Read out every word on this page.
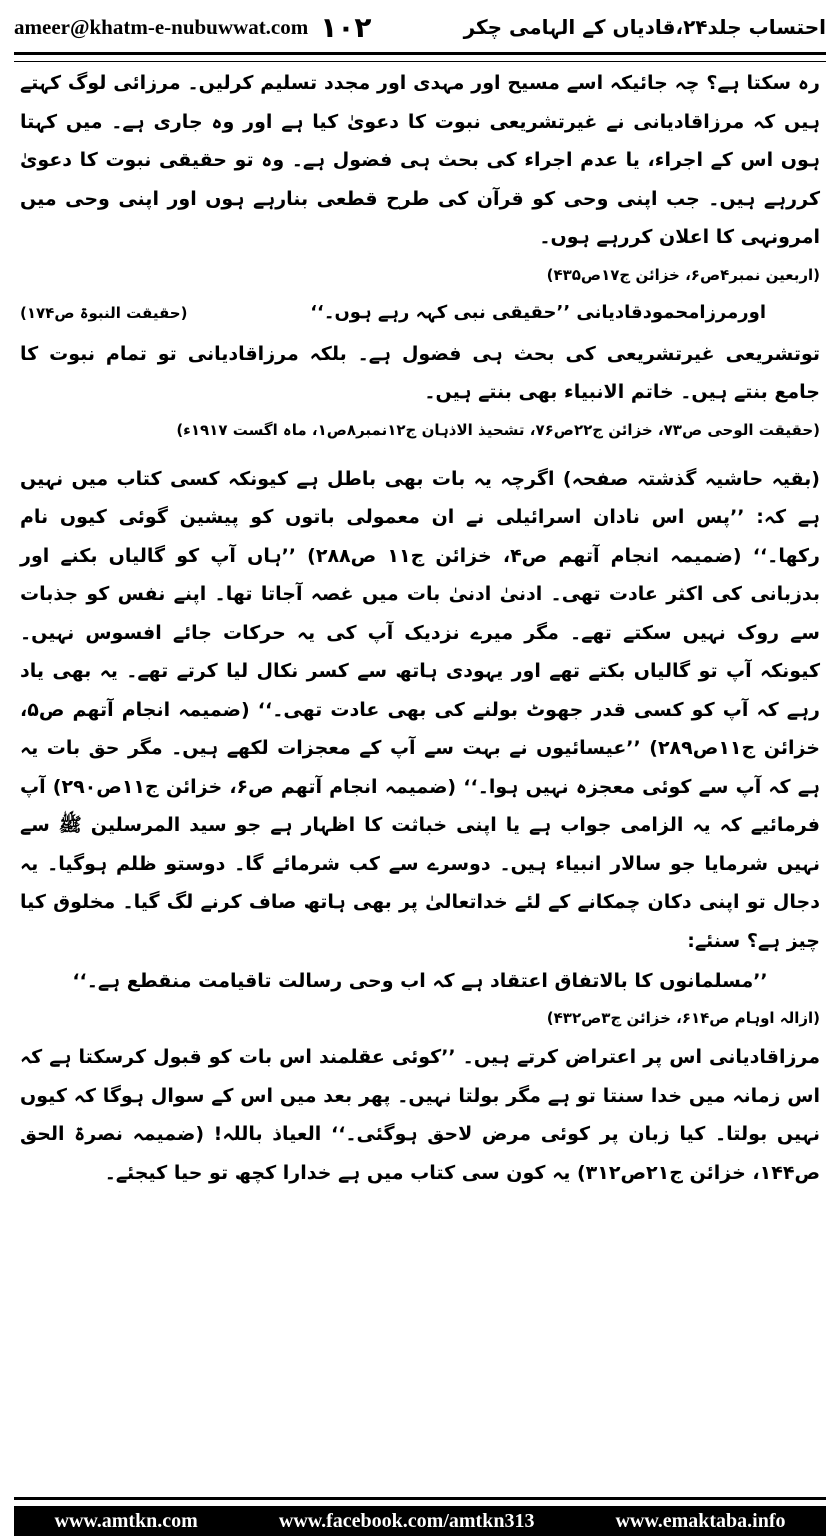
ameer@khatm-e-nubuwwat.com ۱۰۲	احتساب جلد۲۴،قادیاں کے الہامی چکر

رہ سکتا ہے؟ چہ جائیکہ اسے مسیح اور مہدی اور مجدد تسلیم کرلیں۔ مرزائی لوگ کہتے ہیں کہ مرزاقادیانی نے غیرتشریعی نبوت کا دعویٰ کیا ہے اور وہ جاری ہے۔ میں کہتا ہوں اس کے اجراء، یا عدم اجراء کی بحث ہی فضول ہے۔ وہ تو حقیقی نبوت کا دعویٰ کررہے ہیں۔ جب اپنی وحی کو قرآن کی طرح قطعی بنارہے ہوں اور اپنی وحی میں امرونہی کا اعلان کررہے ہوں۔

(اربعین نمبر۴ص۶، خزائن ج۱۷ص۴۳۵)
اورمرزامحمودقادیانی ’’حقیقی نبی کہہ رہے ہوں۔‘‘
(حقیقت النبوۃ ص۱۷۴)

توتشریعی غیرتشریعی کی بحث ہی فضول ہے۔ بلکہ مرزاقادیانی تو تمام نبوت کا جامع بنتے ہیں۔ خاتم الانبیاء بھی بنتے ہیں۔

(حقیقت الوحی ص۷۳، خزائن ج۲۲ص۷۶، تشحیذ الاذہان ج۱۲نمبر۸ص۱، ماہ اگست ۱۹۱۷ء)

(بقیہ حاشیہ گذشتہ صفحہ) اگرچہ یہ بات بھی باطل ہے کیونکہ کسی کتاب میں نہیں ہے کہ: ’’پس اس نادان اسرائیلی نے ان معمولی باتوں کو پیشین گوئی کیوں نام رکھا۔‘‘ (ضمیمہ انجام آتھم ص۴، خزائن ج۱۱ ص۲۸۸) ’’ہاں آپ کو گالیاں بکنے اور بدزبانی کی اکثر عادت تھی۔ ادنیٰ ادنیٰ بات میں غصہ آجاتا تھا۔ اپنے نفس کو جذبات سے روک نہیں سکتے تھے۔ مگر میرے نزدیک آپ کی یہ حرکات جائے افسوس نہیں۔ کیونکہ آپ تو گالیاں بکتے تھے اور یہودی ہاتھ سے کسر نکال لیا کرتے تھے۔ یہ بھی یاد رہے کہ آپ کو کسی قدر جھوٹ بولنے کی بھی عادت تھی۔‘‘ (ضمیمہ انجام آتھم ص۵، خزائن ج۱۱ص۲۸۹) ’’عیسائیوں نے بہت سے آپ کے معجزات لکھے ہیں۔ مگر حق بات یہ ہے کہ آپ سے کوئی معجزہ نہیں ہوا۔‘‘ (ضمیمہ انجام آتھم ص۶، خزائن ج۱۱ص۲۹۰) آپ فرمائیے کہ یہ الزامی جواب ہے یا اپنی خباثت کا اظہار ہے جو سید المرسلین ﷺ سے نہیں شرمایا جو سالار انبیاء ہیں۔ دوسرے سے کب شرمائے گا۔ دوستو ظلم ہوگیا۔ یہ دجال تو اپنی دکان چمکانے کے لئے خداتعالیٰ پر بھی ہاتھ صاف کرنے لگ گیا۔ مخلوق کیا چیز ہے؟ سنئے:

’’مسلمانوں کا بالاتفاق اعتقاد ہے کہ اب وحی رسالت تاقیامت منقطع ہے۔‘‘
(ازالہ اوہام ص۶۱۴، خزائن ج۳ص۴۳۲)

مرزاقادیانی اس پر اعتراض کرتے ہیں۔ ’’کوئی عقلمند اس بات کو قبول کرسکتا ہے کہ اس زمانہ میں خدا سنتا تو ہے مگر بولتا نہیں۔ پھر بعد میں اس کے سوال ہوگا کہ کیوں نہیں بولتا۔ کیا زبان پر کوئی مرض لاحق ہوگئی۔‘‘ العیاذ باللہ! (ضمیمہ نصرۃ الحق ص۱۴۴، خزائن ج۲۱ص۳۱۲) یہ کون سی کتاب میں ہے خدارا کچھ تو حیا کیجئے۔

www.amtkn.com	www.facebook.com/amtkn313	www.emaktaba.info
